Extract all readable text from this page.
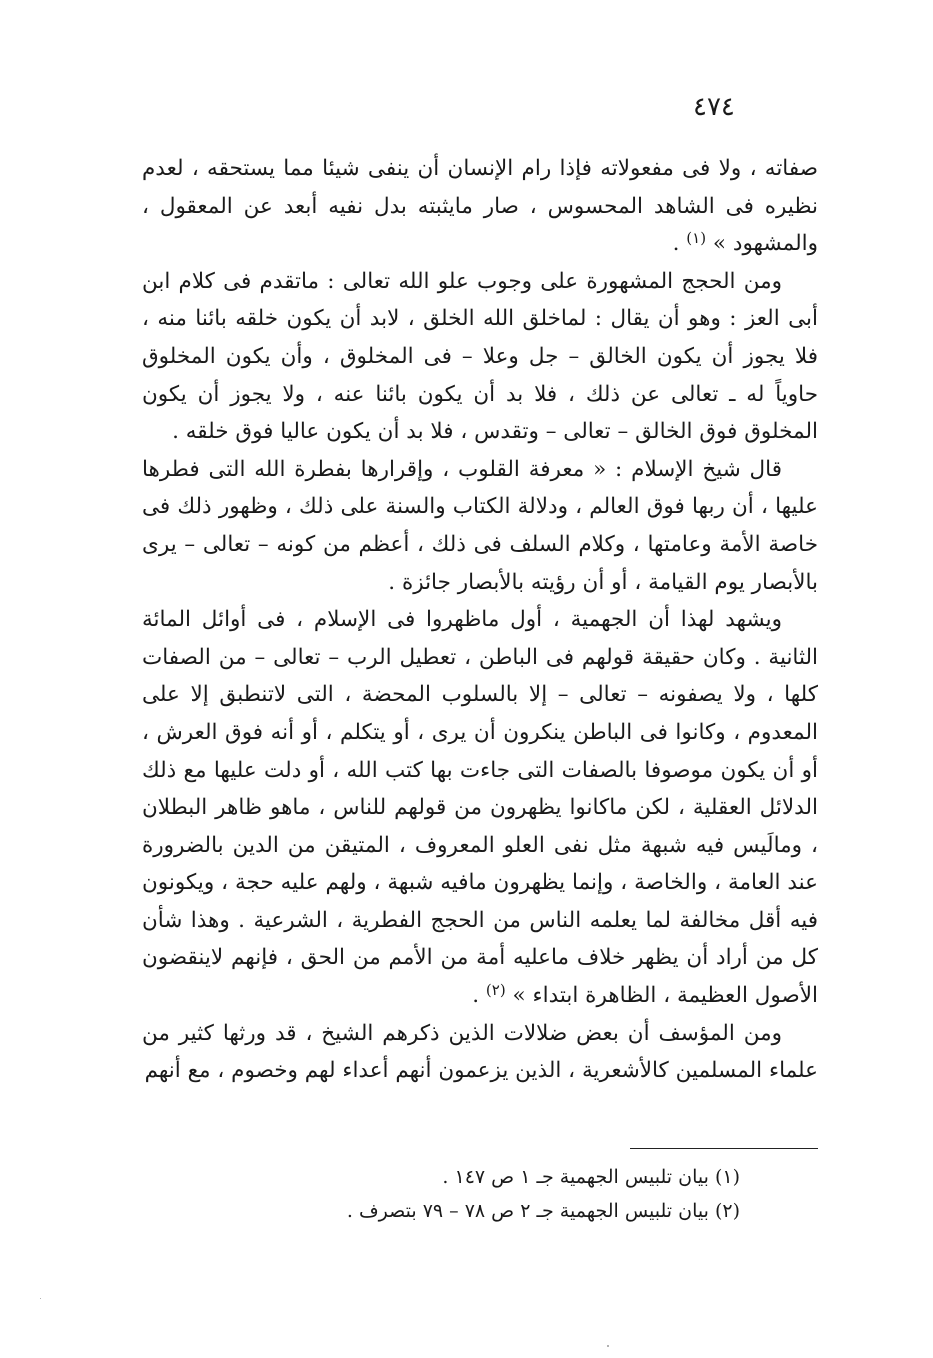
٤٧٤

صفاته ، ولا فى مفعولاته فإذا رام الإنسان أن ينفى شيئا مما يستحقه ، لعدم نظيره فى الشاهد المحسوس ، صار مايثبته بدل نفيه أبعد عن المعقول ، والمشهود » $^{(١)}$ .

ومن الحجج المشهورة على وجوب علو الله تعالى : ماتقدم فى كلام ابن أبى العز : وهو أن يقال : لماخلق الله الخلق ، لابد أن يكون خلقه بائنا منه ، فلا يجوز أن يكون الخالق – جل وعلا – فى المخلوق ، وأن يكون المخلوق حاوياً له ـ تعالى عن ذلك ، فلا بد أن يكون بائنا عنه ، ولا يجوز أن يكون المخلوق فوق الخالق – تعالى – وتقدس ، فلا بد أن يكون عاليا فوق خلقه .

قال شيخ الإسلام : « معرفة القلوب ، وإقرارها بفطرة الله التى فطرها عليها ، أن ربها فوق العالم ، ودلالة الكتاب والسنة على ذلك ، وظهور ذلك فى خاصة الأمة وعامتها ، وكلام السلف فى ذلك ، أعظم من كونه – تعالى – يرى بالأبصار يوم القيامة ، أو أن رؤيته بالأبصار جائزة .

ويشهد لهذا أن الجهمية ، أول ماظهروا فى الإسلام ، فى أوائل المائة الثانية . وكان حقيقة قولهم فى الباطن ، تعطيل الرب – تعالى – من الصفات كلها ، ولا يصفونه – تعالى – إلا بالسلوب المحضة ، التى لاتنطبق إلا على المعدوم ، وكانوا فى الباطن ينكرون أن يرى ، أو يتكلم ، أو أنه فوق العرش ، أو أن يكون موصوفا بالصفات التى جاءت بها كتب الله ، أو دلت عليها مع ذلك الدلائل العقلية ، لكن ماكانوا يظهرون من قولهم للناس ، ماهو ظاهر البطلان ، ومالَيس فيه شبهة مثل نفى العلو المعروف ، المتيقن من الدين بالضرورة عند العامة ، والخاصة ، وإنما يظهرون مافيه شبهة ، ولهم عليه حجة ، ويكونون فيه أقل مخالفة لما يعلمه الناس من الحجج الفطرية ، الشرعية . وهذا شأن كل من أراد أن يظهر خلاف ماعليه أمة من الأمم من الحق ، فإنهم لاينقضون الأصول العظيمة ، الظاهرة ابتداء » $^{(٢)}$ .

ومن المؤسف أن بعض ضلالات الذين ذكرهم الشيخ ، قد ورثها كثير من علماء المسلمين كالأشعرية ، الذين يزعمون أنهم أعداء لهم وخصوم ، مع أنهم

(١) بيان تلبيس الجهمية جـ ١ ص ١٤٧ .
(٢) بيان تلبيس الجهمية جـ ٢ ص ٧٨ – ٧٩ بتصرف .
